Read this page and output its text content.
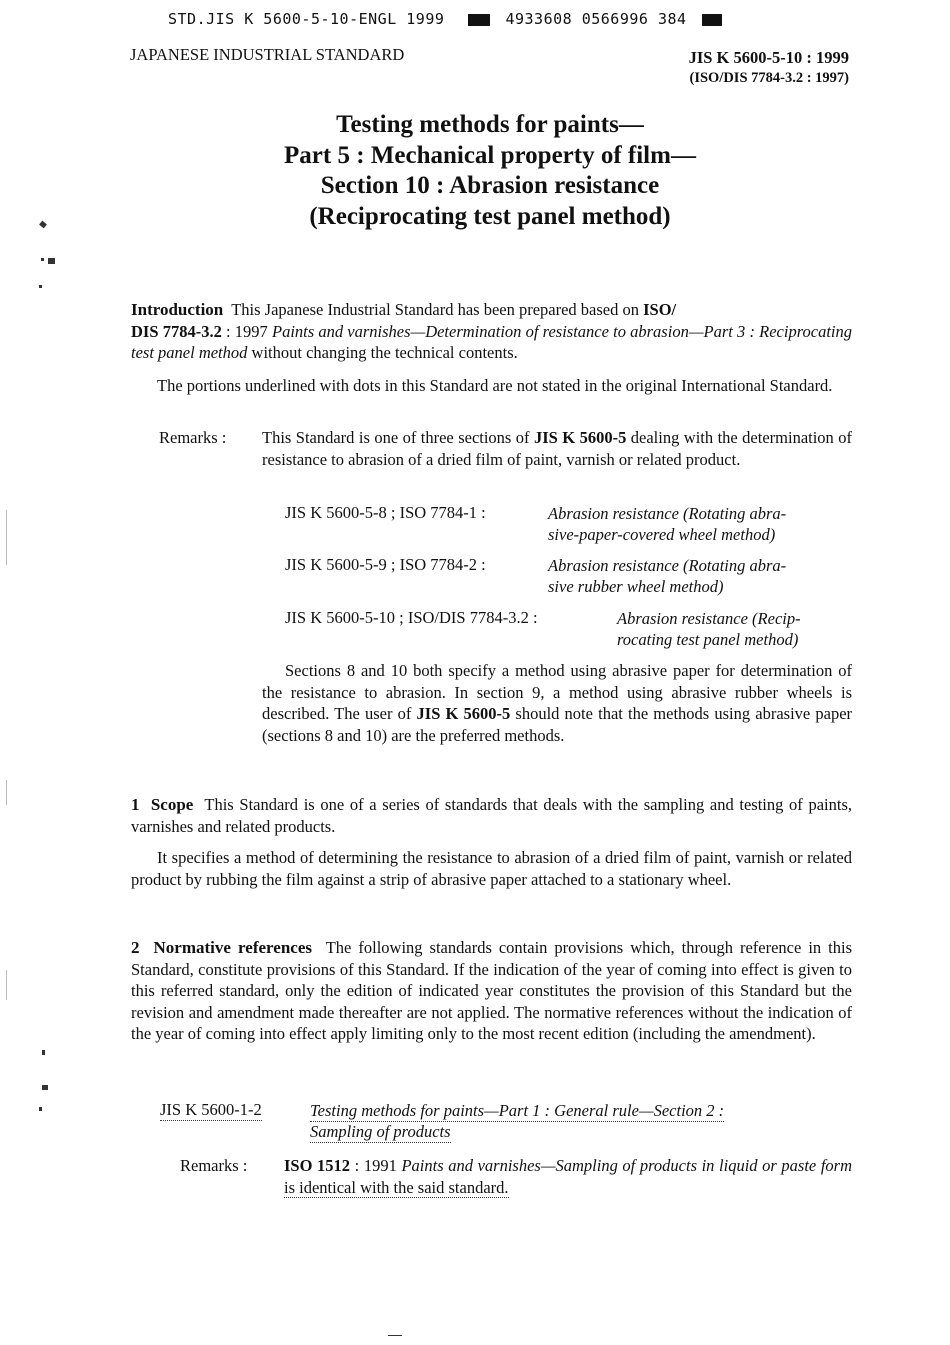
STD.JIS K 5600-5-10-ENGL 1999	4933608 0566996 384
JAPANESE INDUSTRIAL STANDARD	JIS K 5600-5-10 : 1999
(ISO/DIS 7784-3.2 : 1997)
Testing methods for paints—
Part 5 : Mechanical property of film—
Section 10 : Abrasion resistance
(Reciprocating test panel method)
Introduction This Japanese Industrial Standard has been prepared based on ISO/
DIS 7784-3.2 : 1997 Paints and varnishes—Determination of resistance to abrasion—Part 3 : Reciprocating test panel method without changing the technical contents.
The portions underlined with dots in this Standard are not stated in the original International Standard.
Remarks : This Standard is one of three sections of JIS K 5600-5 dealing with the determination of resistance to abrasion of a dried film of paint, varnish or related product.
JIS K 5600-5-8 ; ISO 7784-1 :	Abrasion resistance (Rotating abra-
sive-paper-covered wheel method)
JIS K 5600-5-9 ; ISO 7784-2 :	Abrasion resistance (Rotating abra-
sive rubber wheel method)
JIS K 5600-5-10 ; ISO/DIS 7784-3.2 :	Abrasion resistance (Recip-
rocating test panel method)
Sections 8 and 10 both specify a method using abrasive paper for determination of the resistance to abrasion. In section 9, a method using abrasive rubber wheels is described. The user of JIS K 5600-5 should note that the methods using abrasive paper (sections 8 and 10) are the preferred methods.
1 Scope This Standard is one of a series of standards that deals with the sampling and testing of paints, varnishes and related products.
It specifies a method of determining the resistance to abrasion of a dried film of paint, varnish or related product by rubbing the film against a strip of abrasive paper attached to a stationary wheel.
2 Normative references The following standards contain provisions which, through reference in this Standard, constitute provisions of this Standard. If the indication of the year of coming into effect is given to this referred standard, only the edition of indicated year constitutes the provision of this Standard but the revision and amendment made thereafter are not applied. The normative references without the indication of the year of coming into effect apply limiting only to the most recent edition (including the amendment).
JIS K 5600-1-2	Testing methods for paints—Part 1 : General rule—Section 2 :
Sampling of products
Remarks : ISO 1512 : 1991 Paints and varnishes—Sampling of products in liquid or paste form is identical with the said standard.
